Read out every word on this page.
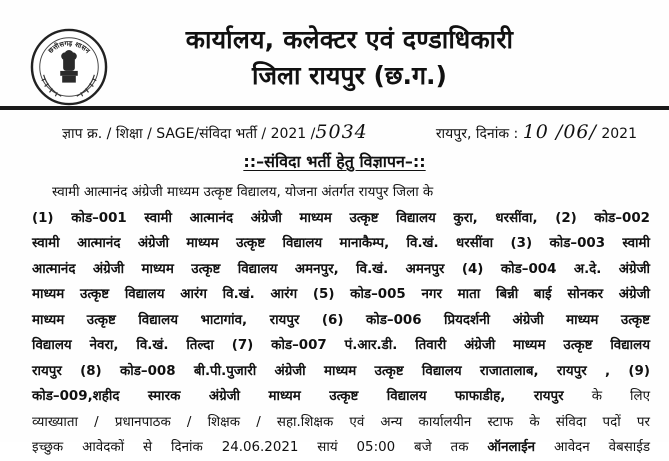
छत्तीसगढ़ शासन	कार्यालय, कलेक्टर एवं दण्डाधिकारी
जिला रायपुर (छ.ग.)
ज्ञाप क्र. / शिक्षा / SAGE/संविदा भर्ती / 2021 /5034	रायपुर, दिनांक : 10 /06/ 2021
::–संविदा भर्ती हेतु विज्ञापन–::
स्वामी आत्मानंद अंग्रेजी माध्यम उत्कृष्ट विद्यालय, योजना अंतर्गत रायपुर जिला के
(1) कोड–001 स्वामी आत्मानंद अंग्रेजी माध्यम उत्कृष्ट विद्यालय कुरा, धरसींवा, (2) कोड–002
स्वामी आत्मानंद अंग्रेजी माध्यम उत्कृष्ट विद्यालय मानाकैम्प, वि.खं. धरसींवा (3) कोड–003 स्वामी
आत्मानंद अंग्रेजी माध्यम उत्कृष्ट विद्यालय अमनपुर, वि.खं. अमनपुर (4) कोड–004 अ.दे. अंग्रेजी
माध्यम उत्कृष्ट विद्यालय आरंग वि.खं. आरंग (5) कोड–005 नगर माता बिन्नी बाई सोनकर अंग्रेजी
माध्यम उत्कृष्ट विद्यालय भाटागांव, रायपुर (6) कोड–006 प्रियदर्शनी अंग्रेजी माध्यम उत्कृष्ट
विद्यालय नेवरा, वि.खं. तिल्दा (7) कोड–007 पं.आर.डी. तिवारी अंग्रेजी माध्यम उत्कृष्ट विद्यालय
रायपुर (8) कोड–008 बी.पी.पुजारी अंग्रेजी माध्यम उत्कृष्ट विद्यालय राजातालाब, रायपुर , (9)
कोड–009,शहीद स्मारक अंग्रेजी माध्यम उत्कृष्ट विद्यालय फाफाडीह, रायपुर के लिए
व्याख्याता / प्रधानपाठक / शिक्षक / सहा.शिक्षक एवं अन्य कार्यालयीन स्टाफ के संविदा पदों पर
इच्छुक आवेदकों से दिनांक 24.06.2021 सायं 05:00 बजे तक ऑनलाईन आवेदन वेबसाईड
